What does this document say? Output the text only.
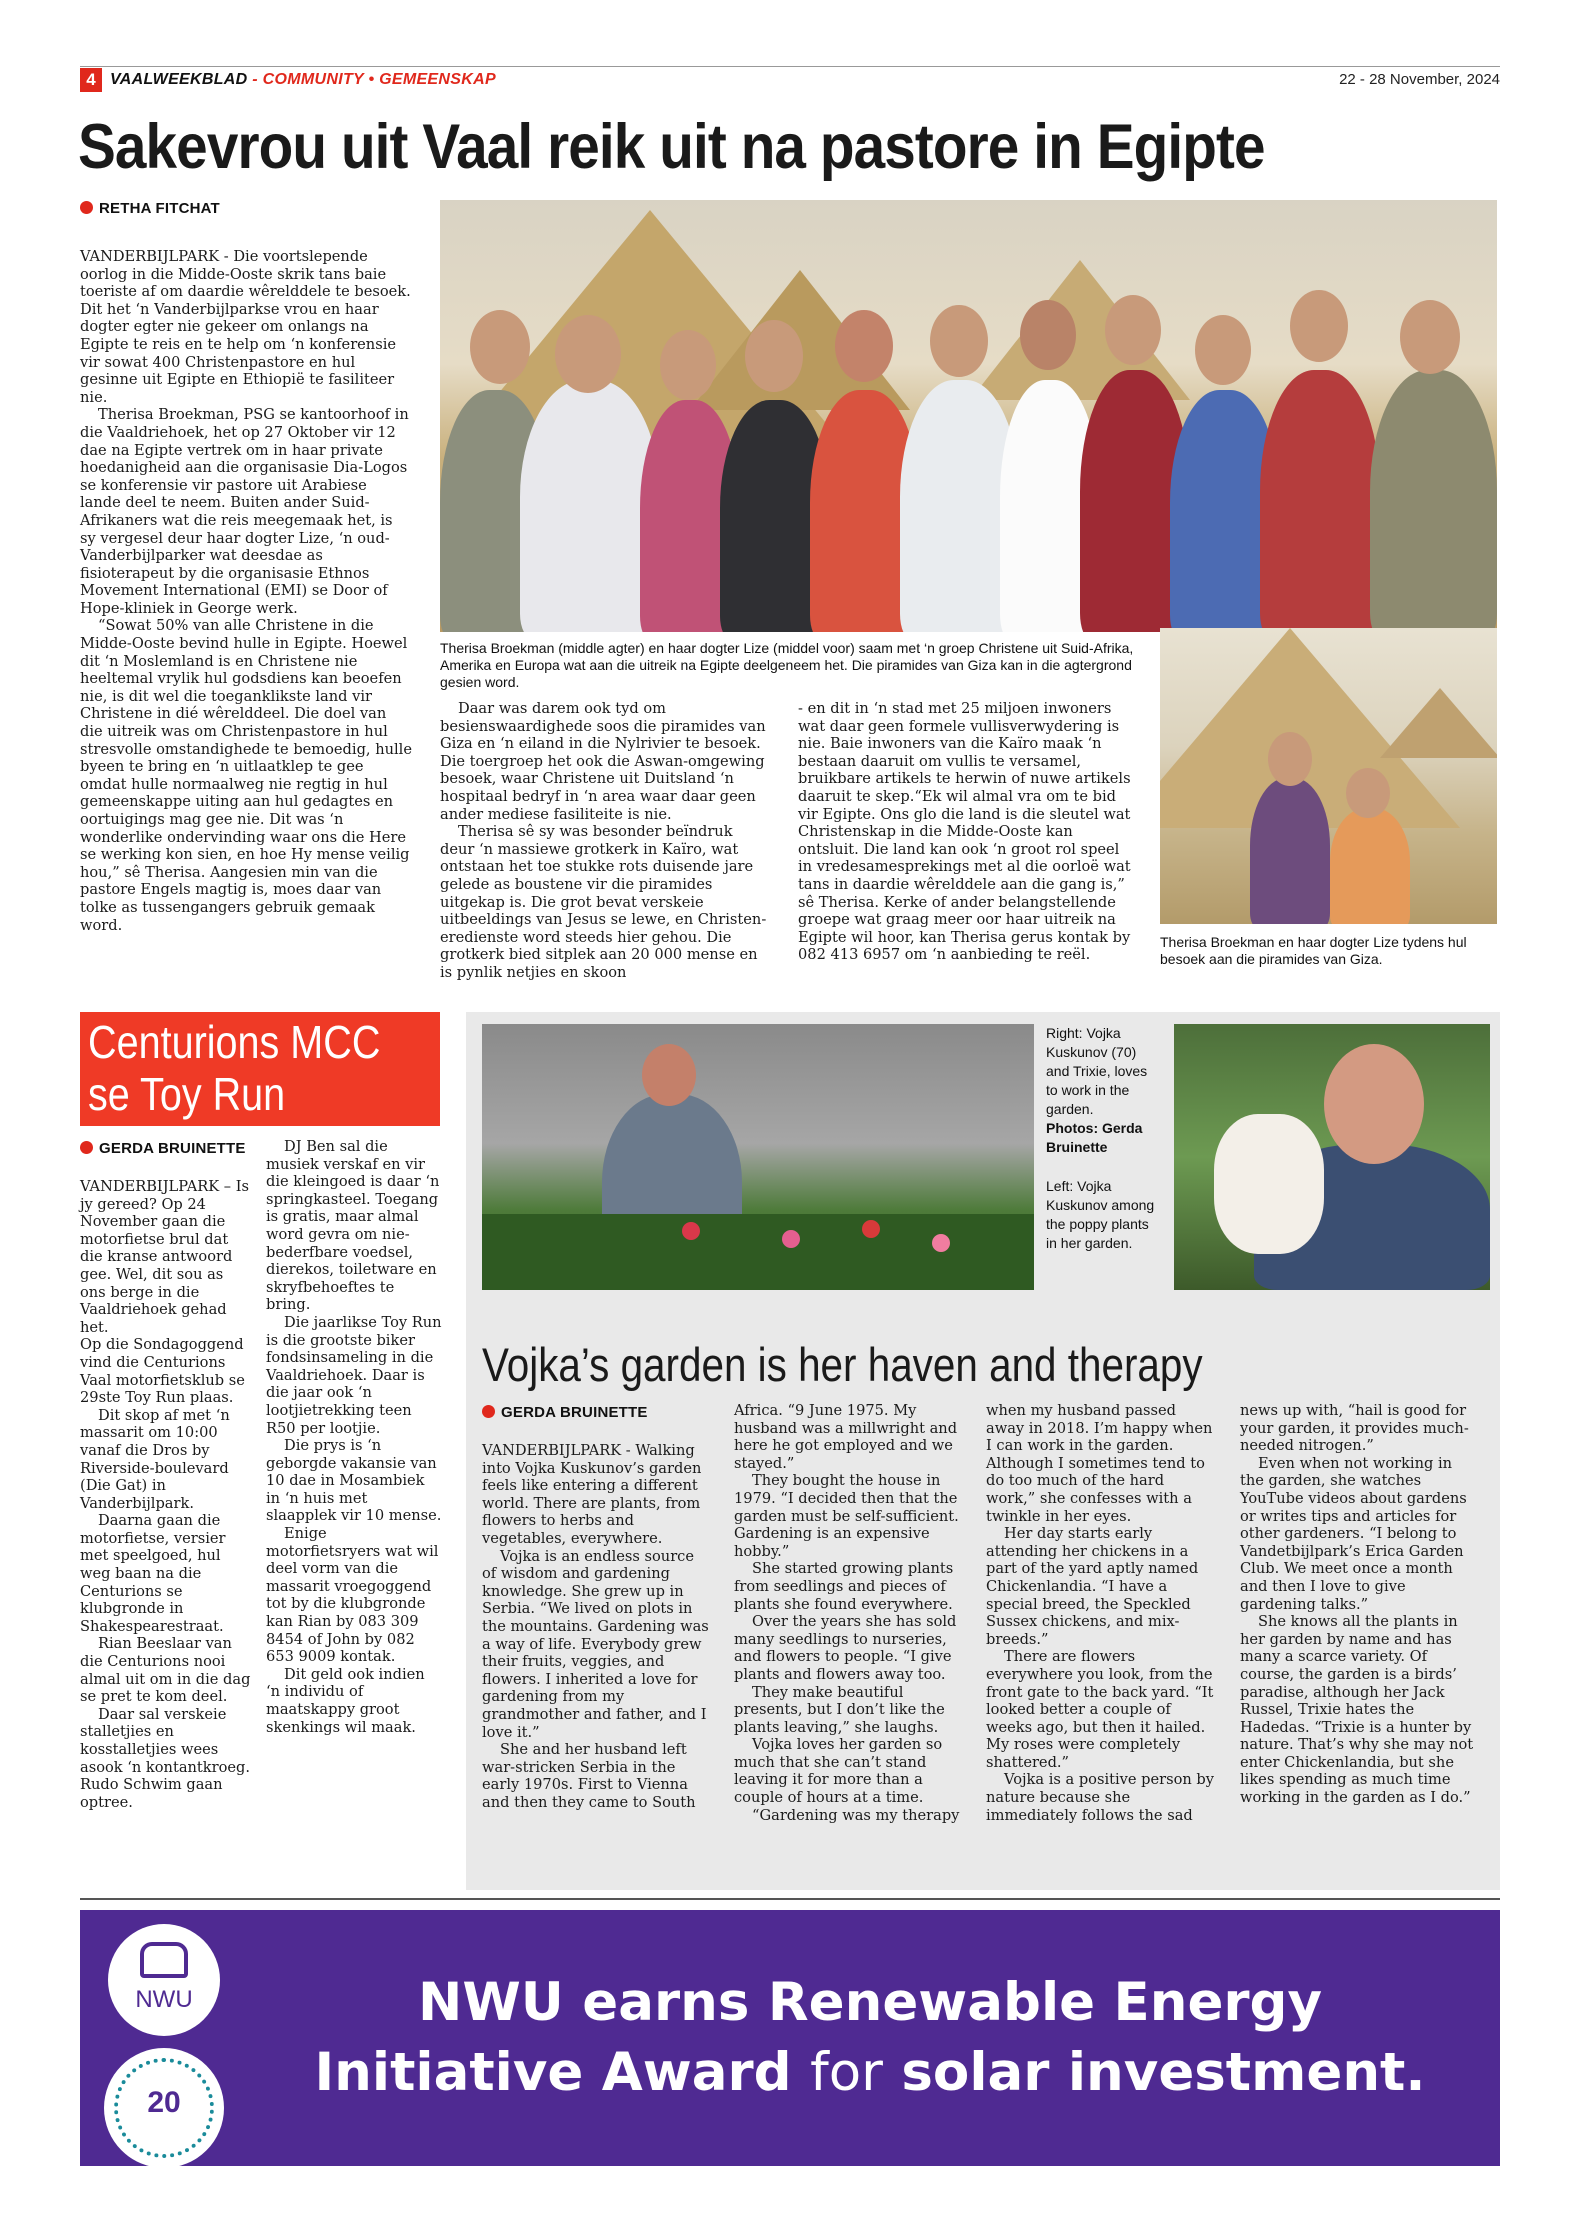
4 VAALWEEKBLAD - COMMUNITY • GEMEENSKAP	22 - 28 November, 2024
Sakevrou uit Vaal reik uit na pastore in Egipte
RETHA FITCHAT

VANDERBIJLPARK - Die voortslepende oorlog in die Midde-Ooste skrik tans baie toeriste af om daardie wêrelddele te besoek. Dit het ‘n Vanderbijlparkse vrou en haar dogter egter nie gekeer om onlangs na Egipte te reis en te help om ‘n konferensie vir sowat 400 Christenpastore en hul gesinne uit Egipte en Ethiopië te fasiliteer nie.

Therisa Broekman, PSG se kantoorhoof in die Vaaldriehoek, het op 27 Oktober vir 12 dae na Egipte vertrek om in haar private hoedanigheid aan die organisasie Dia-Logos se konferensie vir pastore uit Arabiese lande deel te neem. Buiten ander Suid-Afrikaners wat die reis meegemaak het, is sy vergesel deur haar dogter Lize, ‘n oud-Vanderbijlparker wat deesdae as fisioterapeut by die organisasie Ethnos Movement International (EMI) se Door of Hope-kliniek in George werk.

“Sowat 50% van alle Christene in die Midde-Ooste bevind hulle in Egipte. Hoewel dit ‘n Moslemland is en Christene nie heeltemal vrylik hul godsdiens kan beoefen nie, is dit wel die toeganklikste land vir Christene in dié wêrelddeel. Die doel van die uitreik was om Christenpastore in hul stresvolle omstandighede te bemoedig, hulle byeen te bring en ‘n uitlaatklep te gee omdat hulle normaalweg nie regtig in hul gemeenskappe uiting aan hul gedagtes en oortuigings mag gee nie. Dit was ‘n wonderlike ondervinding waar ons die Here se werking kon sien, en hoe Hy mense veilig hou,” sê Therisa. Aangesien min van die pastore Engels magtig is, moes daar van tolke as tussengangers gebruik gemaak word.

Therisa Broekman (middle agter) en haar dogter Lize (middel voor) saam met ‘n groep Christene uit Suid-Afrika, Amerika en Europa wat aan die uitreik na Egipte deelgeneem het. Die piramides van Giza kan in die agtergrond gesien word.

Daar was darem ook tyd om besienswaardighede soos die piramides van Giza en ‘n eiland in die Nylrivier te besoek. Die toergroep het ook die Aswan-omgewing besoek, waar Christene uit Duitsland ‘n hospitaal bedryf in ‘n area waar daar geen ander mediese fasiliteite is nie.

Therisa sê sy was besonder beïndruk deur ‘n massiewe grotkerk in Kaïro, wat ontstaan het toe stukke rots duisende jare gelede as boustene vir die piramides uitgekap is. Die grot bevat verskeie uitbeeldings van Jesus se lewe, en Christen-eredienste word steeds hier gehou. Die grotkerk bied sitplek aan 20 000 mense en is pynlik netjies en skoon

- en dit in ‘n stad met 25 miljoen inwoners wat daar geen formele vullisverwydering is nie. Baie inwoners van die Kaïro maak ‘n bestaan daaruit om vullis te versamel, bruikbare artikels te herwin of nuwe artikels daaruit te skep.“Ek wil almal vra om te bid vir Egipte. Ons glo die land is die sleutel wat Christenskap in die Midde-Ooste kan ontsluit. Die land kan ook ‘n groot rol speel in vredesamesprekings met al die oorloë wat tans in daardie wêrelddele aan die gang is,” sê Therisa. Kerke of ander belangstellende groepe wat graag meer oor haar uitreik na Egipte wil hoor, kan Therisa gerus kontak by 082 413 6957 om ‘n aanbieding te reël.

Therisa Broekman en haar dogter Lize tydens hul besoek aan die piramides van Giza.
Centurions MCC
se Toy Run
GERDA BRUINETTE

VANDERBIJLPARK – Is jy gereed? Op 24 November gaan die motorfietse brul dat die kranse antwoord gee. Wel, dit sou as ons berge in die Vaaldriehoek gehad het.

Op die Sondagoggend vind die Centurions Vaal motorfietsklub se 29ste Toy Run plaas.

Dit skop af met ‘n massarit om 10:00 vanaf die Dros by Riverside-boulevard (Die Gat) in Vanderbijlpark.

Daarna gaan die motorfietse, versier met speelgoed, hul weg baan na die Centurions se klubgronde in Shakespearestraat.

Rian Beeslaar van die Centurions nooi almal uit om in die dag se pret te kom deel.

Daar sal verskeie stalletjies en kosstalletjies wees asook ‘n kontantkroeg. Rudo Schwim gaan optree.

DJ Ben sal die musiek verskaf en vir die kleingoed is daar ‘n springkasteel. Toegang is gratis, maar almal word gevra om nie-bederfbare voedsel, dierekos, toiletware en skryfbehoeftes te bring.

Die jaarlikse Toy Run is die grootste biker fondsinsameling in die Vaaldriehoek. Daar is die jaar ook ‘n lootjietrekking teen R50 per lootjie.

Die prys is ‘n geborgde vakansie van 10 dae in Mosambiek in ‘n huis met slaapplek vir 10 mense.

Enige motorfietsryers wat wil deel vorm van die massarit vroegoggend tot by die klubgronde kan Rian by 083 309 8454 of John by 082 653 9009 kontak.

Dit geld ook indien ‘n individu of maatskappy groot skenkings wil maak.

Right: Vojka Kuskunov (70) and Trixie, loves to work in the garden.
Photos: Gerda Bruinette
Left: Vojka Kuskunov among the poppy plants in her garden.
Vojka’s garden is her haven and therapy
GERDA BRUINETTE

VANDERBIJLPARK - Walking into Vojka Kuskunov’s garden feels like entering a different world. There are plants, from flowers to herbs and vegetables, everywhere.

Vojka is an endless source of wisdom and gardening knowledge. She grew up in Serbia. “We lived on plots in the mountains. Gardening was a way of life. Everybody grew their fruits, veggies, and flowers. I inherited a love for gardening from my grandmother and father, and I love it.”

She and her husband left war-stricken Serbia in the early 1970s. First to Vienna and then they came to South

Africa. “9 June 1975. My husband was a millwright and here he got employed and we stayed.”

They bought the house in 1979. “I decided then that the garden must be self-sufficient. Gardening is an expensive hobby.”

She started growing plants from seedlings and pieces of plants she found everywhere.

Over the years she has sold many seedlings to nurseries, and flowers to people. “I give plants and flowers away too.

They make beautiful presents, but I don’t like the plants leaving,” she laughs.

Vojka loves her garden so much that she can’t stand leaving it for more than a couple of hours at a time.

“Gardening was my therapy

when my husband passed away in 2018. I’m happy when I can work in the garden. Although I sometimes tend to do too much of the hard work,” she confesses with a twinkle in her eyes.

Her day starts early attending her chickens in a part of the yard aptly named Chickenlandia. “I have a special breed, the Speckled Sussex chickens, and mix-breeds.”

There are flowers everywhere you look, from the front gate to the back yard. “It looked better a couple of weeks ago, but then it hailed. My roses were completely shattered.”

Vojka is a positive person by nature because she immediately follows the sad

news up with, “hail is good for your garden, it provides much-needed nitrogen.”

Even when not working in the garden, she watches YouTube videos about gardens or writes tips and articles for other gardeners. “I belong to Vandetbijlpark’s Erica Garden Club. We meet once a month and then I love to give gardening talks.”

She knows all the plants in her garden by name and has many a scarce variety. Of course, the garden is a birds’ paradise, although her Jack Russel, Trixie hates the Hadedas. “Trixie is a hunter by nature. That’s why she may not enter Chickenlandia, but she likes spending as much time working in the garden as I do.”

NWU
20
NWU earns Renewable Energy
Initiative Award for solar investment.
